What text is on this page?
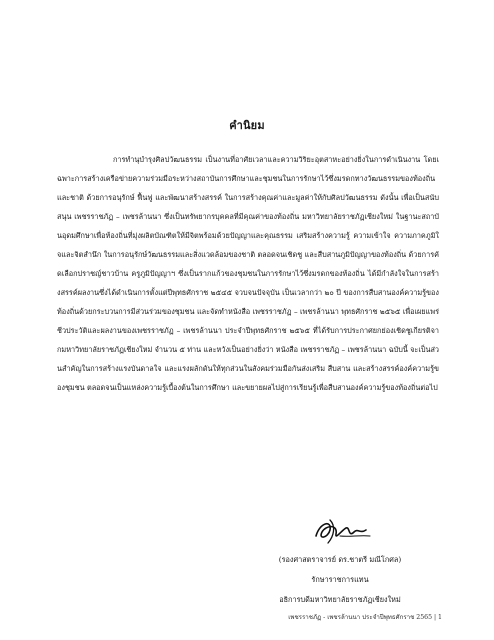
คำนิยม
การทำนุบำรุงศิลปวัฒนธรรม เป็นงานที่อาศัยเวลาและความวิริยะอุตสาหะอย่างยิ่งในการดำเนินงาน โดยเฉพาะการสร้างเครือข่ายความร่วมมือระหว่างสถาบันการศึกษาและชุมชนในการรักษาไว้ซึ่งมรดกทางวัฒนธรรมของท้องถิ่นและชาติ ด้วยการอนุรักษ์ ฟื้นฟู และพัฒนาสร้างสรรค์ ในการสร้างคุณค่าและมูลค่าให้กับศิลปวัฒนธรรม ดังนั้น เพื่อเป็นสนับสนุน เพชรราชภัฏ – เพชรล้านนา ซึ่งเป็นทรัพยากรบุคคลที่มีคุณค่าของท้องถิ่น มหาวิทยาลัยราชภัฏเชียงใหม่ ในฐานะสถาบันอุดมศึกษาเพื่อท้องถิ่นที่มุ่งผลิตบัณฑิตให้มีจิตพร้อมด้วยปัญญาและคุณธรรม เสริมสร้างความรู้ ความเข้าใจ ความภาคภูมิใจและจิตสำนึก ในการอนุรักษ์วัฒนธรรมและสิ่งแวดล้อมของชาติ ตลอดจนเชิดชู และสืบสานภูมิปัญญาของท้องถิ่น ด้วยการคัดเลือกปราชญ์ชาวบ้าน ครูภูมิปัญญาฯ ซึ่งเป็นรากแก้วของชุมชนในการรักษาไว้ซึ่งมรดกของท้องถิ่น ได้มีกำลังใจในการสร้างสรรค์ผลงานซึ่งได้ดำเนินการตั้งแต่ปีพุทธศักราช ๒๕๔๕ จวบจนปัจจุบัน เป็นเวลากว่า ๒๐ ปี ของการสืบสานองค์ความรู้ของท้องถิ่นด้วยกระบวนการมีส่วนร่วมของชุมชน และจัดทำหนังสือ เพชรราชภัฏ – เพชรล้านนา พุทธศักราช ๒๕๖๕ เพื่อเผยแพร่ชีวประวัติและผลงานของเพชรราชภัฏ – เพชรล้านนา ประจำปีพุทธศักราช ๒๕๖๕ ที่ได้รับการประกาศยกย่องเชิดชูเกียรติจากมหาวิทยาลัยราชภัฏเชียงใหม่ จำนวน ๕ ท่าน และหวังเป็นอย่างยิ่งว่า หนังสือ เพชรราชภัฏ – เพชรล้านนา ฉบับนี้ จะเป็นส่วนสำคัญในการสร้างแรงบันดาลใจ และแรงผลักดันให้ทุกส่วนในสังคมร่วมมือกันส่งเสริม สืบสาน และสร้างสรรค์องค์ความรู้ของชุมชน ตลอดจนเป็นแหล่งความรู้เบื้องต้นในการศึกษา และขยายผลไปสู่การเรียนรู้เพื่อสืบสานองค์ความรู้ของท้องถิ่นต่อไป
(รองศาสตราจารย์ ดร.ชาตรี มณีโกศล)
รักษาราชการแทน
อธิการบดีมหาวิทยาลัยราชภัฏเชียงใหม่
เพชรราชภัฏ - เพชรล้านนา ประจำปีพุทธศักราช 2565 | 1
